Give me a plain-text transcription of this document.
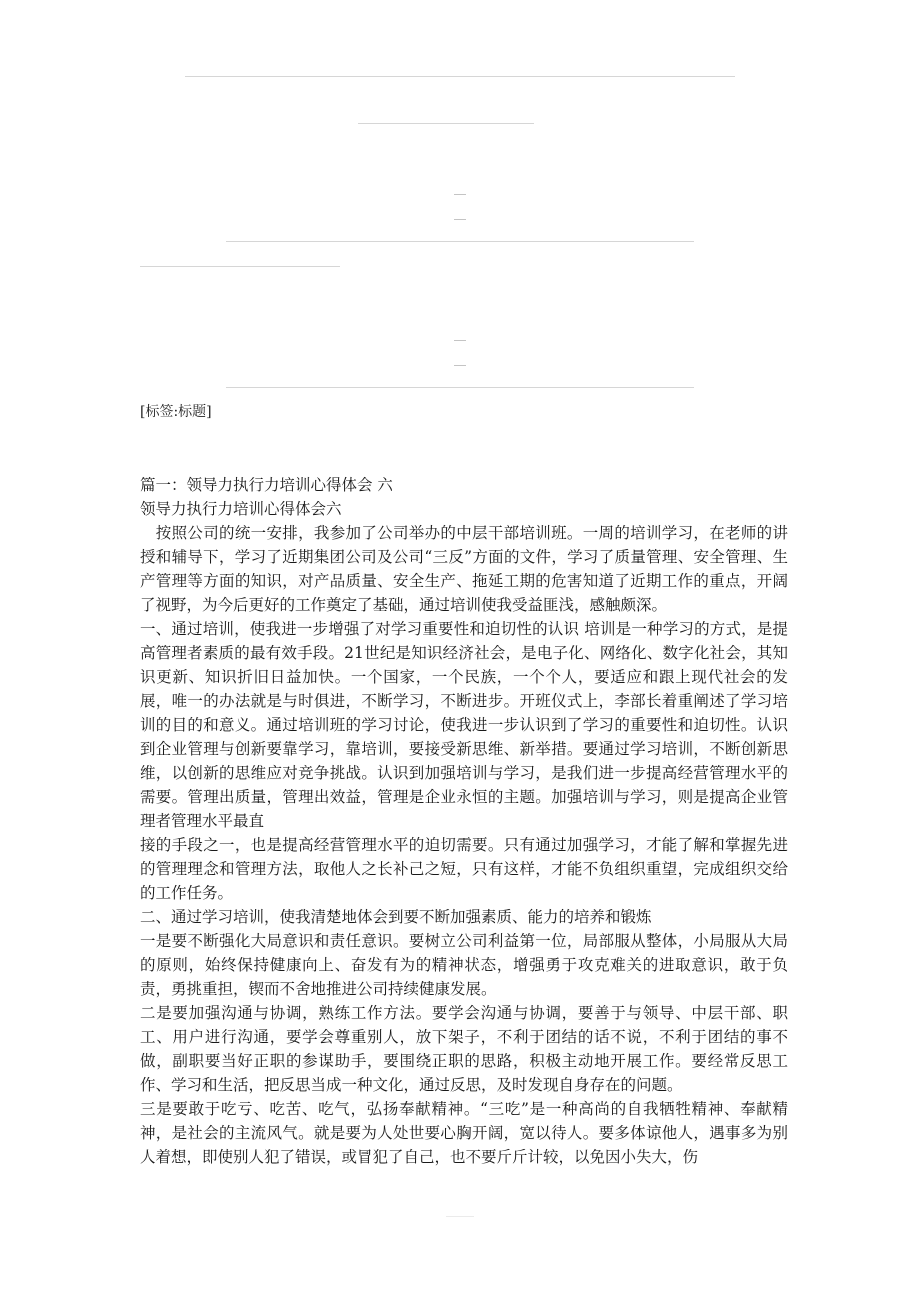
[标签:标题]

篇一：领导力执行力培训心得体会 六

领导力执行力培训心得体会六

　按照公司的统一安排，我参加了公司举办的中层干部培训班。一周的培训学习，在老师的讲授和辅导下，学习了近期集团公司及公司“三反”方面的文件，学习了质量管理、安全管理、生产管理等方面的知识，对产品质量、安全生产、拖延工期的危害知道了近期工作的重点，开阔了视野，为今后更好的工作奠定了基础，通过培训使我受益匪浅，感触颇深。

一、通过培训，使我进一步增强了对学习重要性和迫切性的认识 培训是一种学习的方式，是提高管理者素质的最有效手段。21世纪是知识经济社会，是电子化、网络化、数字化社会，其知识更新、知识折旧日益加快。一个国家，一个民族，一个个人，要适应和跟上现代社会的发展，唯一的办法就是与时俱进，不断学习，不断进步。开班仪式上，李部长着重阐述了学习培训的目的和意义。通过培训班的学习讨论，使我进一步认识到了学习的重要性和迫切性。认识到企业管理与创新要靠学习，靠培训，要接受新思维、新举措。要通过学习培训，不断创新思维，以创新的思维应对竞争挑战。认识到加强培训与学习，是我们进一步提高经营管理水平的需要。管理出质量，管理出效益，管理是企业永恒的主题。加强培训与学习，则是提高企业管理者管理水平最直

接的手段之一，也是提高经营管理水平的迫切需要。只有通过加强学习，才能了解和掌握先进的管理理念和管理方法，取他人之长补己之短，只有这样，才能不负组织重望，完成组织交给的工作任务。

二、通过学习培训，使我清楚地体会到要不断加强素质、能力的培养和锻炼

一是要不断强化大局意识和责任意识。要树立公司利益第一位，局部服从整体，小局服从大局的原则，始终保持健康向上、奋发有为的精神状态，增强勇于攻克难关的进取意识，敢于负责，勇挑重担，锲而不舍地推进公司持续健康发展。

二是要加强沟通与协调，熟练工作方法。要学会沟通与协调，要善于与领导、中层干部、职工、用户进行沟通，要学会尊重别人，放下架子，不利于团结的话不说，不利于团结的事不做，副职要当好正职的参谋助手，要围绕正职的思路，积极主动地开展工作。要经常反思工作、学习和生活，把反思当成一种文化，通过反思，及时发现自身存在的问题。

三是要敢于吃亏、吃苦、吃气，弘扬奉献精神。“三吃”是一种高尚的自我牺牲精神、奉献精神，是社会的主流风气。就是要为人处世要心胸开阔，宽以待人。要多体谅他人，遇事多为别人着想，即使别人犯了错误，或冒犯了自己，也不要斤斤计较，以免因小失大，伤
